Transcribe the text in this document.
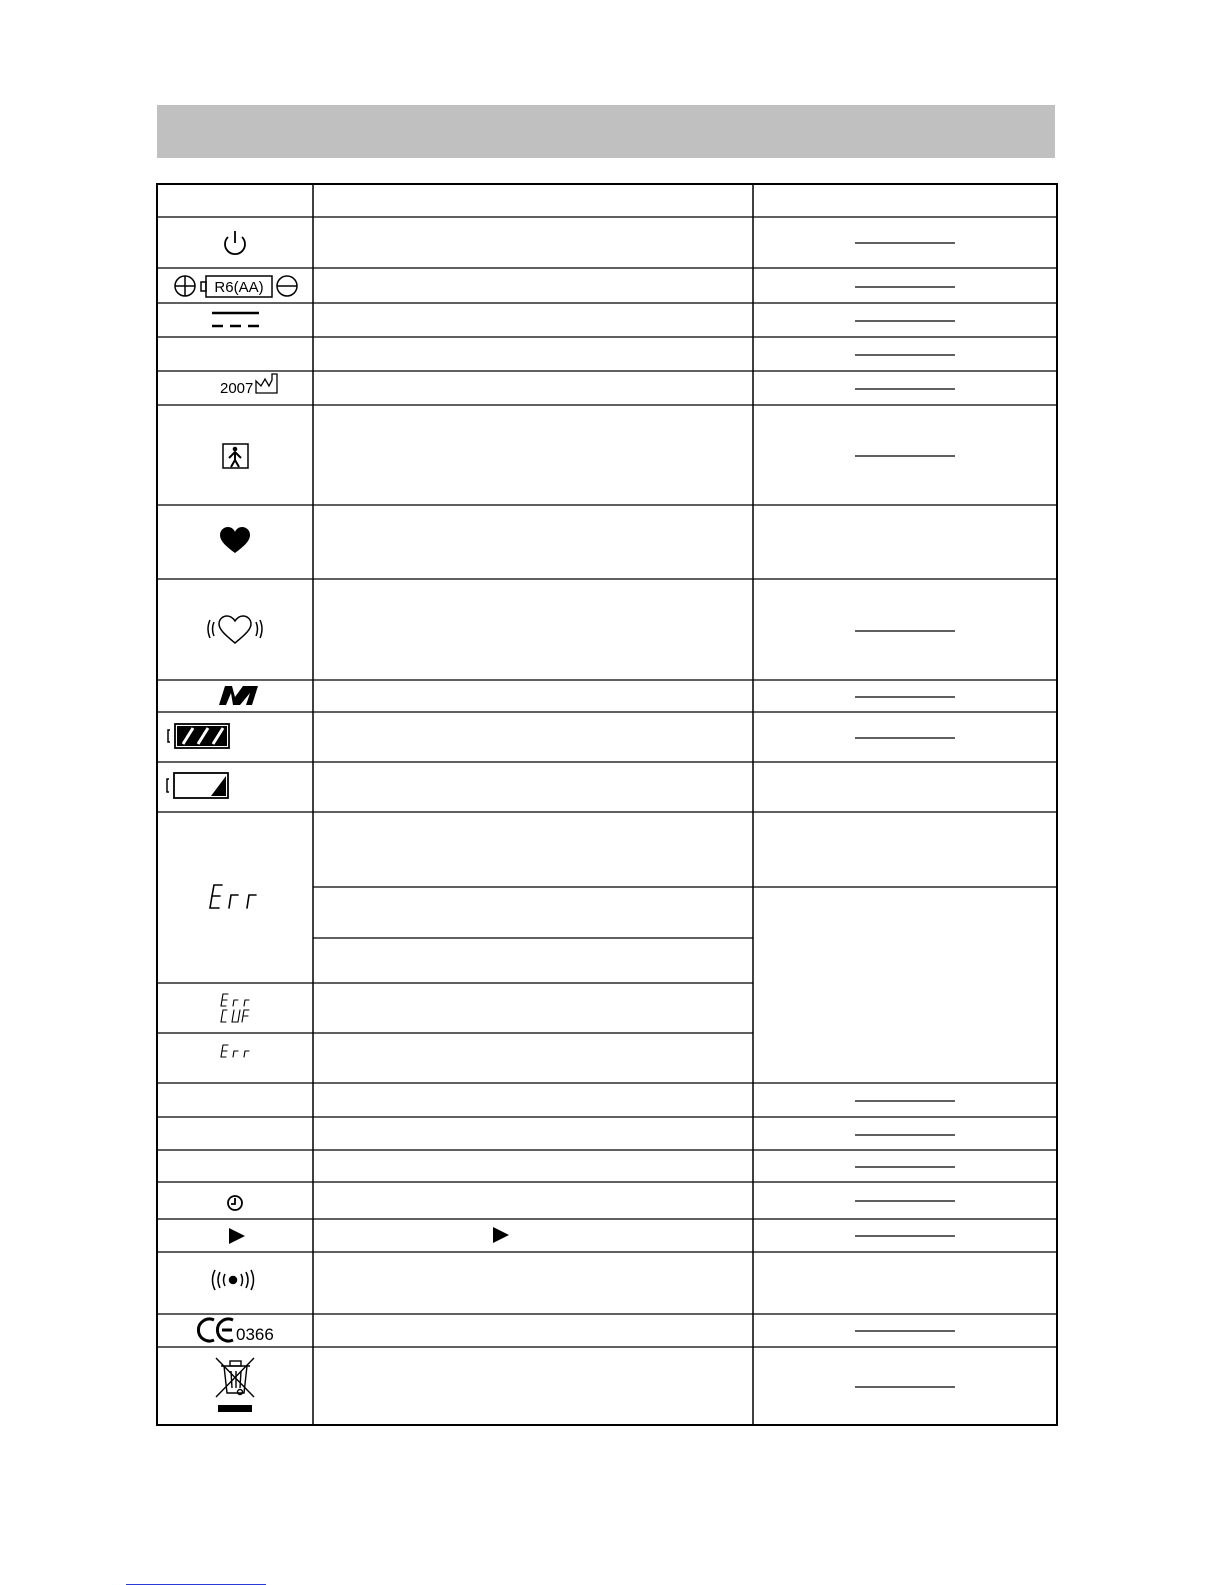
R6(AA)
2007
0366
